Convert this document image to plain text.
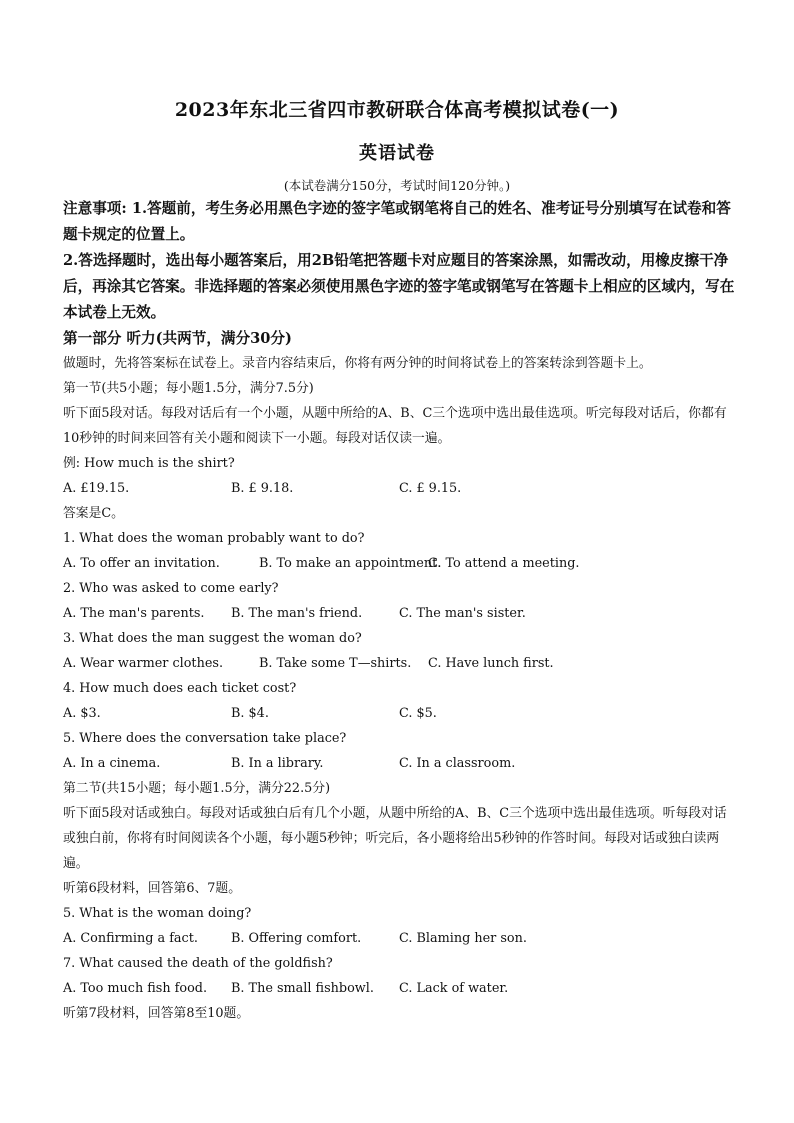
2023年东北三省四市教研联合体高考模拟试卷(一)
英语试卷
(本试卷满分150分，考试时间120分钟。)
注意事项: 1.答题前，考生务必用黑色字迹的签字笔或钢笔将自己的姓名、准考证号分别填写在试卷和答题卡规定的位置上。
2.答选择题时，选出每小题答案后，用2B铅笔把答题卡对应题目的答案涂黑，如需改动，用橡皮擦干净后，再涂其它答案。非选择题的答案必须使用黑色字迹的签字笔或钢笔写在答题卡上相应的区域内，写在本试卷上无效。
第一部分 听力(共两节，满分30分)
做题时，先将答案标在试卷上。录音内容结束后，你将有两分钟的时间将试卷上的答案转涂到答题卡上。
第一节(共5小题；每小题1.5分，满分7.5分)
听下面5段对话。每段对话后有一个小题，从题中所给的A、B、C三个选项中选出最佳选项。听完每段对话后，你都有10秒钟的时间来回答有关小题和阅读下一小题。每段对话仅读一遍。
例: How much is the shirt?
A. £19.15.	B. £ 9.18.	C. £ 9.15.
答案是C。
1. What does the woman probably want to do?
A. To offer an invitation.	B. To make an appointment.
C. To attend a meeting.
2. Who was asked to come early?
A. The man's parents. B. The man's friend.	C. The man's sister.
3. What does the man suggest the woman do?
A. Wear warmer clothes.	B. Take some T—shirts. C. Have lunch first.
4. How much does each ticket cost?
A. $3.	B. $4.	C. $5.
5. Where does the conversation take place?
A. In a cinema.	B. In a library.	C. In a classroom.
第二节(共15小题；每小题1.5分，满分22.5分)
听下面5段对话或独白。每段对话或独白后有几个小题，从题中所给的A、B、C三个选项中选出最佳选项。听每段对话或独白前，你将有时间阅读各个小题，每小题5秒钟；听完后，各小题将给出5秒钟的作答时间。每段对话或独白读两遍。
听第6段材料，回答第6、7题。
5. What is the woman doing?
A. Confirming a fact.	B. Offering comfort.	C. Blaming her son.
7. What caused the death of the goldfish?
A. Too much fish food. B. The small fishbowl. C. Lack of water.
听第7段材料，回答第8至10题。
